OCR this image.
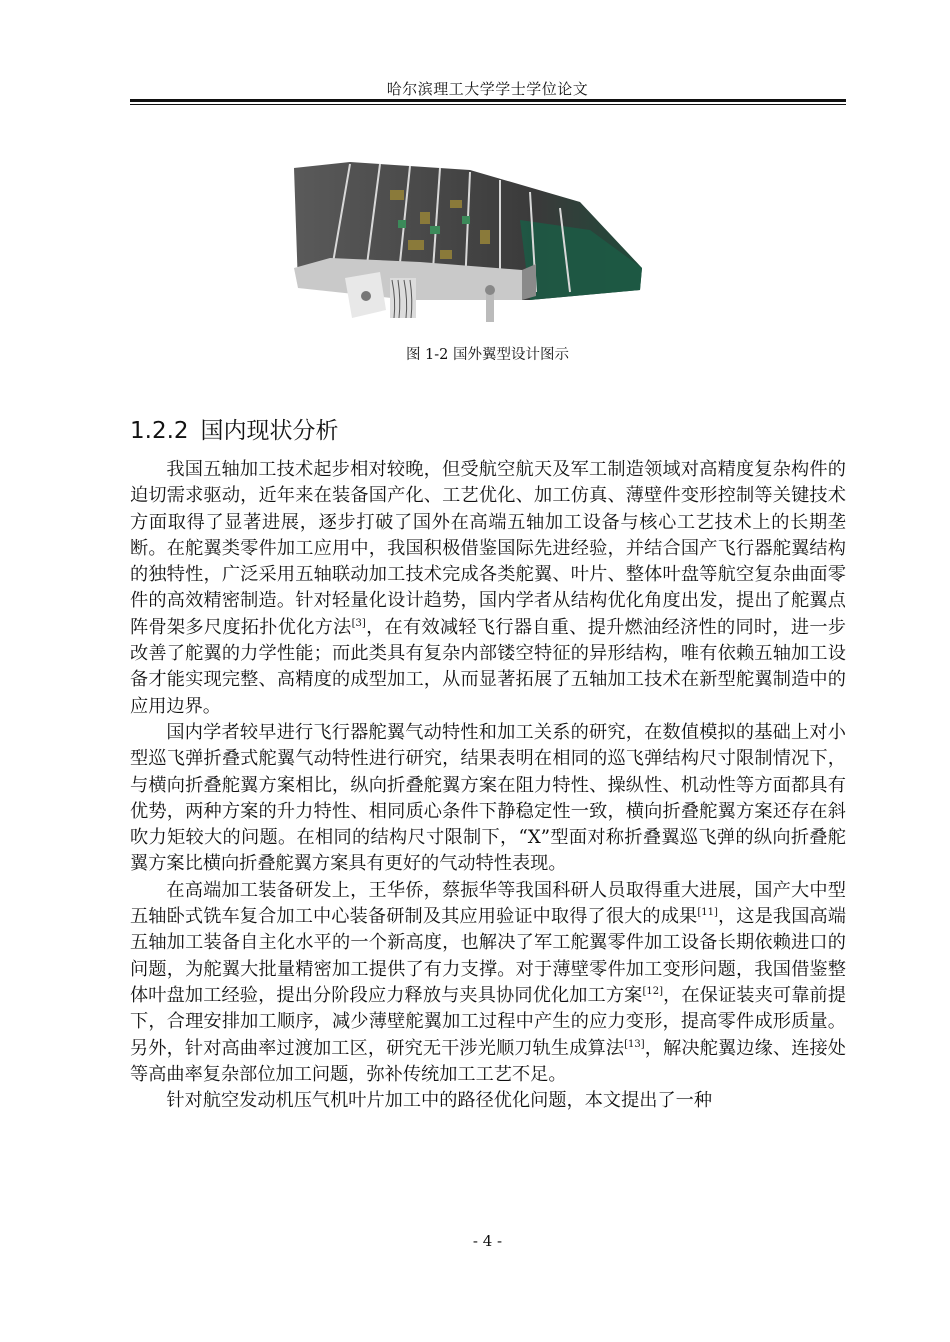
哈尔滨理工大学学士学位论文
图 1-2 国外翼型设计图示
1.2.2 国内现状分析

我国五轴加工技术起步相对较晚，但受航空航天及军工制造领域对高精度复杂构件的迫切需求驱动，近年来在装备国产化、工艺优化、加工仿真、薄壁件变形控制等关键技术方面取得了显著进展，逐步打破了国外在高端五轴加工设备与核心工艺技术上的长期垄断。在舵翼类零件加工应用中，我国积极借鉴国际先进经验，并结合国产飞行器舵翼结构的独特性，广泛采用五轴联动加工技术完成各类舵翼、叶片、整体叶盘等航空复杂曲面零件的高效精密制造。针对轻量化设计趋势，国内学者从结构优化角度出发，提出了舵翼点阵骨架多尺度拓扑优化方法[3]，在有效减轻飞行器自重、提升燃油经济性的同时，进一步改善了舵翼的力学性能；而此类具有复杂内部镂空特征的异形结构，唯有依赖五轴加工设备才能实现完整、高精度的成型加工，从而显著拓展了五轴加工技术在新型舵翼制造中的应用边界。

国内学者较早进行飞行器舵翼气动特性和加工关系的研究，在数值模拟的基础上对小型巡飞弹折叠式舵翼气动特性进行研究，结果表明在相同的巡飞弹结构尺寸限制情况下，与横向折叠舵翼方案相比，纵向折叠舵翼方案在阻力特性、操纵性、机动性等方面都具有优势，两种方案的升力特性、相同质心条件下静稳定性一致，横向折叠舵翼方案还存在斜吹力矩较大的问题。在相同的结构尺寸限制下，“X”型面对称折叠翼巡飞弹的纵向折叠舵翼方案比横向折叠舵翼方案具有更好的气动特性表现。

在高端加工装备研发上，王华侨，蔡振华等我国科研人员取得重大进展，国产大中型五轴卧式铣车复合加工中心装备研制及其应用验证中取得了很大的成果[11]，这是我国高端五轴加工装备自主化水平的一个新高度，也解决了军工舵翼零件加工设备长期依赖进口的问题，为舵翼大批量精密加工提供了有力支撑。对于薄壁零件加工变形问题，我国借鉴整体叶盘加工经验，提出分阶段应力释放与夹具协同优化加工方案[12]，在保证装夹可靠前提下，合理安排加工顺序，减少薄壁舵翼加工过程中产生的应力变形，提高零件成形质量。另外，针对高曲率过渡加工区，研究无干涉光顺刀轨生成算法[13]，解决舵翼边缘、连接处等高曲率复杂部位加工问题，弥补传统加工工艺不足。

针对航空发动机压气机叶片加工中的路径优化问题，本文提出了一种

- 4 -
